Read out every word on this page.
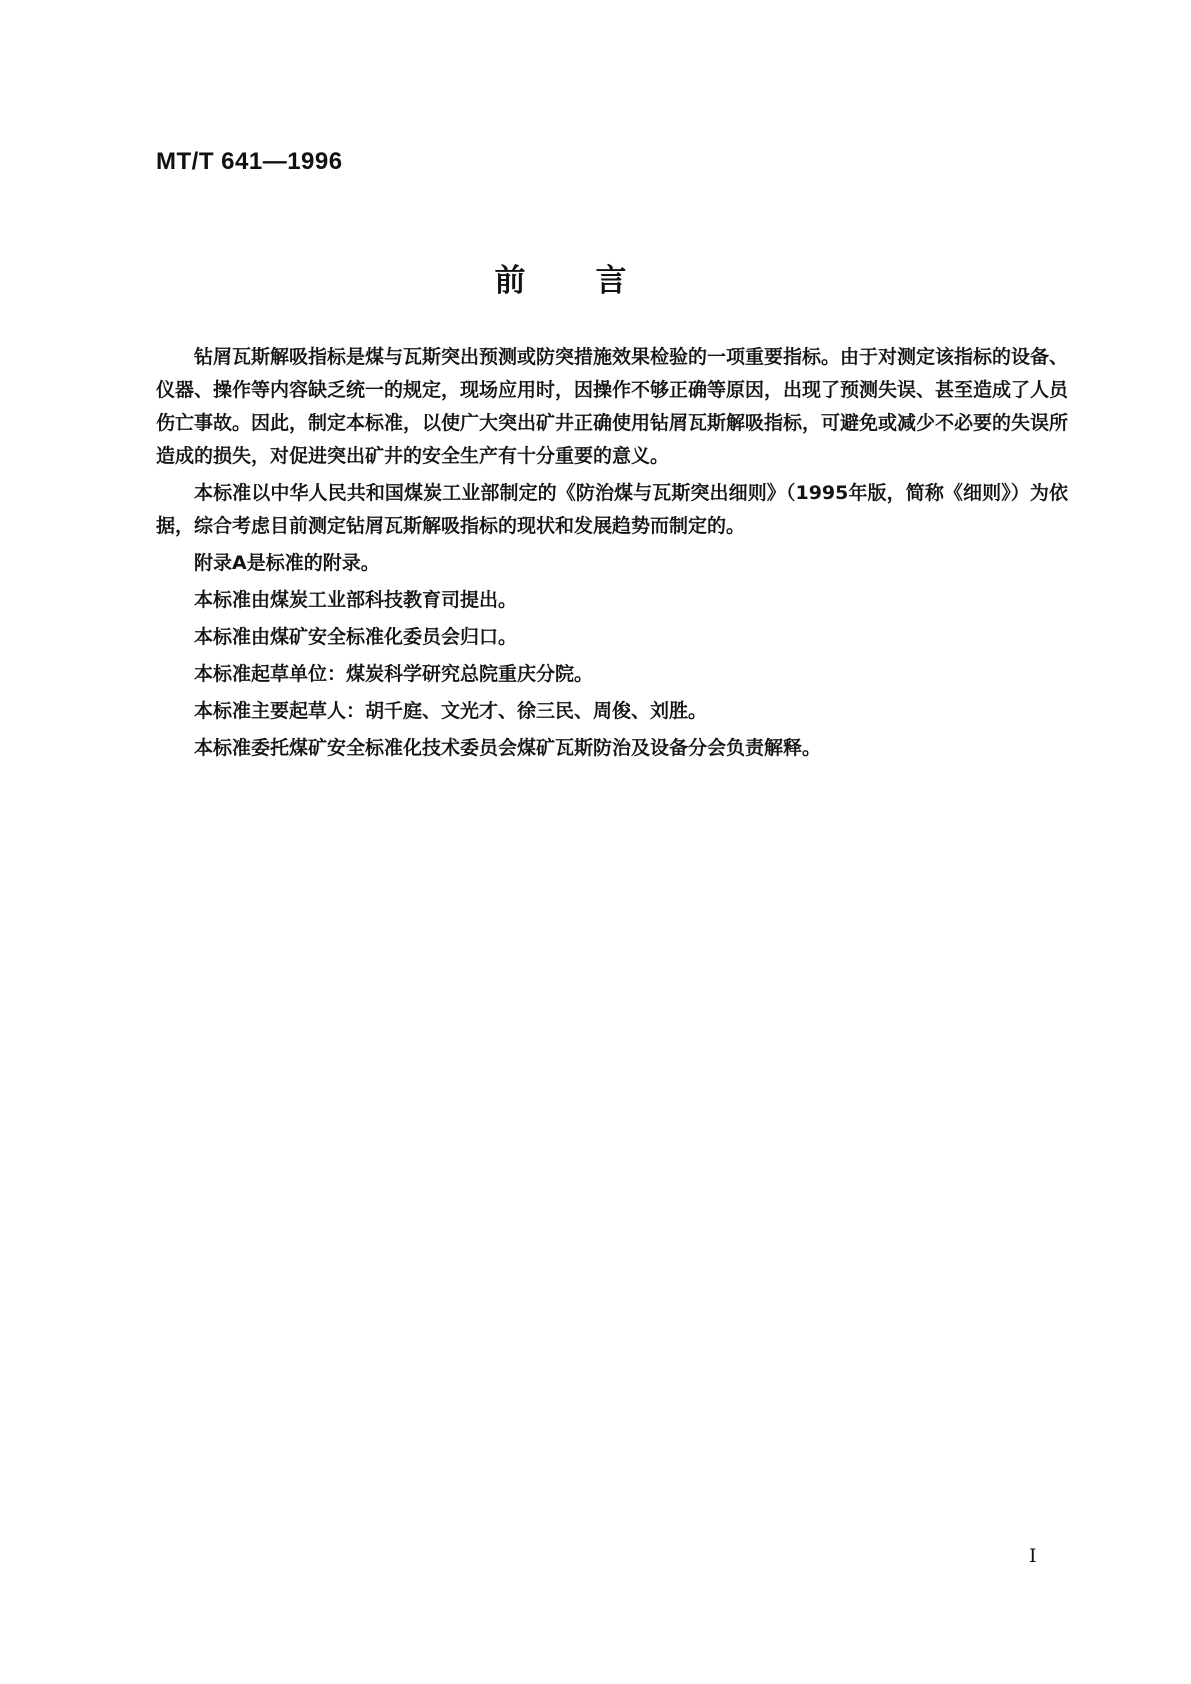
MT/T 641—1996
前言

钻屑瓦斯解吸指标是煤与瓦斯突出预测或防突措施效果检验的一项重要指标。由于对测定该指标的设备、仪器、操作等内容缺乏统一的规定，现场应用时，因操作不够正确等原因，出现了预测失误、甚至造成了人员伤亡事故。因此，制定本标准，以使广大突出矿井正确使用钻屑瓦斯解吸指标，可避免或减少不必要的失误所造成的损失，对促进突出矿井的安全生产有十分重要的意义。

本标准以中华人民共和国煤炭工业部制定的《防治煤与瓦斯突出细则》（1995年版，简称《细则》）为依据，综合考虑目前测定钻屑瓦斯解吸指标的现状和发展趋势而制定的。

附录A是标准的附录。

本标准由煤炭工业部科技教育司提出。

本标准由煤矿安全标准化委员会归口。

本标准起草单位：煤炭科学研究总院重庆分院。

本标准主要起草人：胡千庭、文光才、徐三民、周俊、刘胜。

本标准委托煤矿安全标准化技术委员会煤矿瓦斯防治及设备分会负责解释。

I
